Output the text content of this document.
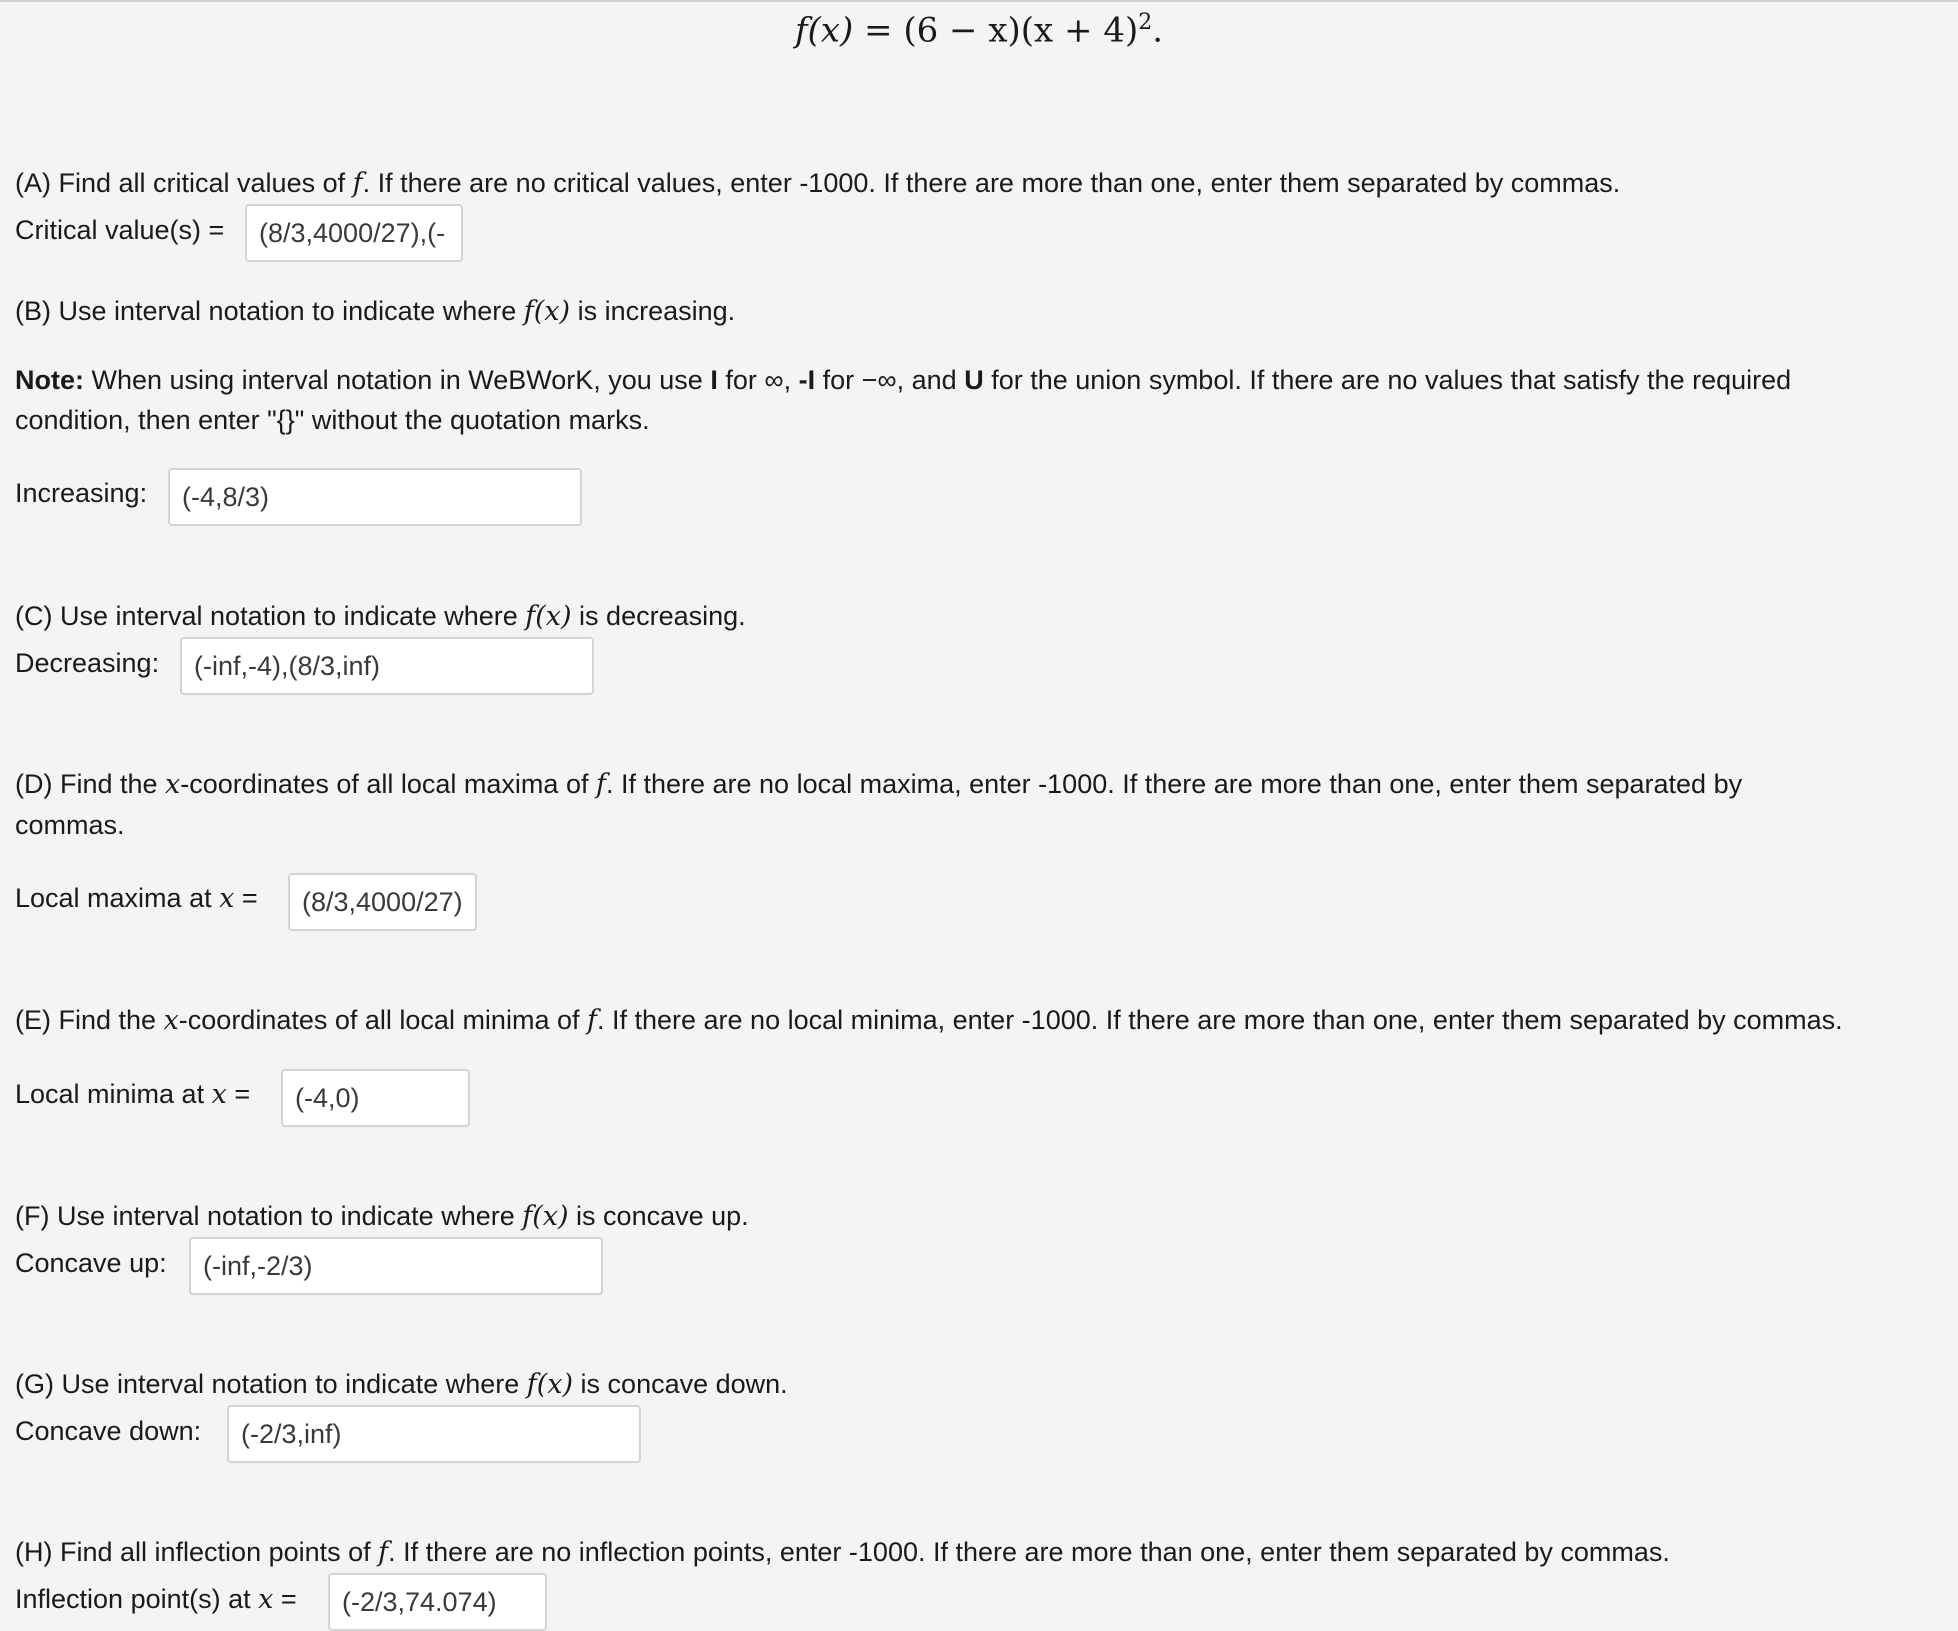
$f(x) = (6 - x)(x + 4)^2$.
(A) Find all critical values of f. If there are no critical values, enter -1000. If there are more than one, enter them separated by commas.
Critical value(s) =
(8/3,4000/27),(-
(B) Use interval notation to indicate where f(x) is increasing.
Note: When using interval notation in WeBWorK, you use I for ∞, -I for −∞, and U for the union symbol. If there are no values that satisfy the required
condition, then enter "{}" without the quotation marks.
Increasing:
(-4,8/3)
(C) Use interval notation to indicate where f(x) is decreasing.
Decreasing:
(-inf,-4),(8/3,inf)
(D) Find the x-coordinates of all local maxima of f. If there are no local maxima, enter -1000. If there are more than one, enter them separated by
commas.
Local maxima at x =
(8/3,4000/27)
(E) Find the x-coordinates of all local minima of f. If there are no local minima, enter -1000. If there are more than one, enter them separated by commas.
Local minima at x =
(-4,0)
(F) Use interval notation to indicate where f(x) is concave up.
Concave up:
(-inf,-2/3)
(G) Use interval notation to indicate where f(x) is concave down.
Concave down:
(-2/3,inf)
(H) Find all inflection points of f. If there are no inflection points, enter -1000. If there are more than one, enter them separated by commas.
Inflection point(s) at x =
(-2/3,74.074)
